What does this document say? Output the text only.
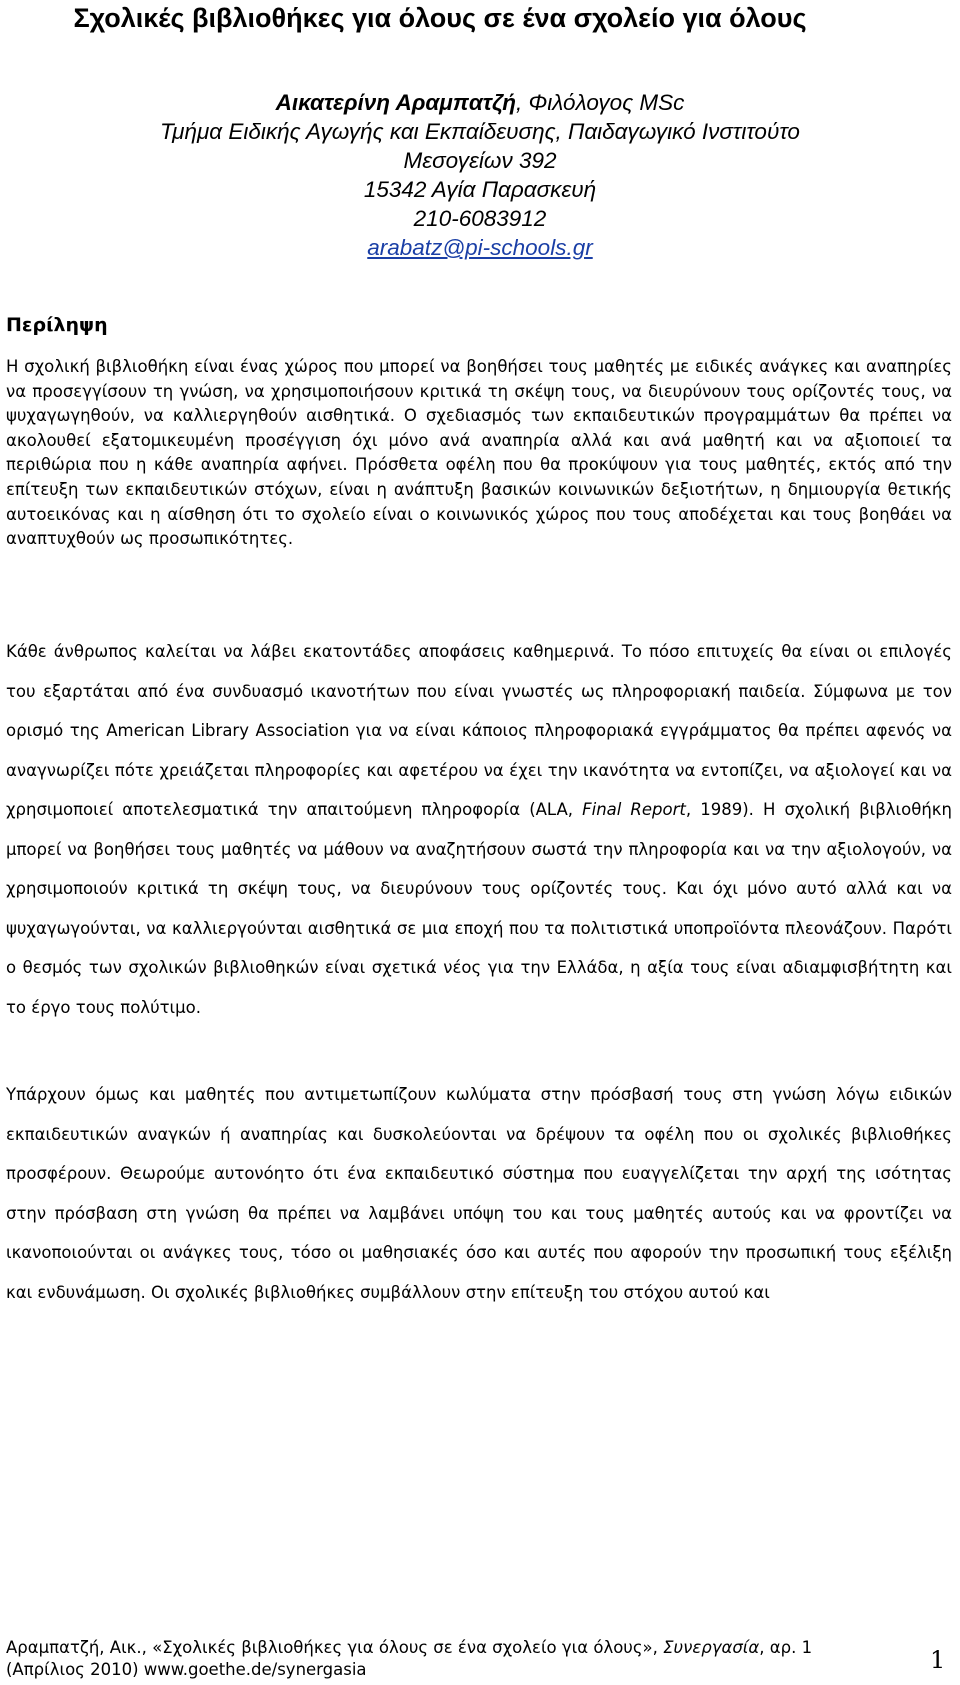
Σχολικές βιβλιοθήκες για όλους σε ένα σχολείο για όλους
Αικατερίνη Αραμπατζή, Φιλόλογος MSc
Τμήμα Ειδικής Αγωγής και Εκπαίδευσης, Παιδαγωγικό Ινστιτούτο
Μεσογείων 392
15342 Αγία Παρασκευή
210-6083912
arabatz@pi-schools.gr
Περίληψη

Η σχολική βιβλιοθήκη είναι ένας χώρος που μπορεί να βοηθήσει τους μαθητές με ειδικές ανάγκες και αναπηρίες να προσεγγίσουν τη γνώση, να χρησιμοποιήσουν κριτικά τη σκέψη τους, να διευρύνουν τους ορίζοντές τους, να ψυχαγωγηθούν, να καλλιεργηθούν αισθητικά. Ο σχεδιασμός των εκπαιδευτικών προγραμμάτων θα πρέπει να ακολουθεί εξατομικευμένη προσέγγιση όχι μόνο ανά αναπηρία αλλά και ανά μαθητή και να αξιοποιεί τα περιθώρια που η κάθε αναπηρία αφήνει. Πρόσθετα οφέλη που θα προκύψουν για τους μαθητές, εκτός από την επίτευξη των εκπαιδευτικών στόχων, είναι η ανάπτυξη βασικών κοινωνικών δεξιοτήτων, η δημιουργία θετικής αυτοεικόνας και η αίσθηση ότι το σχολείο είναι ο κοινωνικός χώρος που τους αποδέχεται και τους βοηθάει να αναπτυχθούν ως προσωπικότητες.

Κάθε άνθρωπος καλείται να λάβει εκατοντάδες αποφάσεις καθημερινά. Το πόσο επιτυχείς θα είναι οι επιλογές του εξαρτάται από ένα συνδυασμό ικανοτήτων που είναι γνωστές ως πληροφοριακή παιδεία. Σύμφωνα με τον ορισμό της American Library Association για να είναι κάποιος πληροφοριακά εγγράμματος θα πρέπει αφενός να αναγνωρίζει πότε χρειάζεται πληροφορίες και αφετέρου να έχει την ικανότητα να εντοπίζει, να αξιολογεί και να χρησιμοποιεί αποτελεσματικά την απαιτούμενη πληροφορία (ALA, Final Report, 1989). Η σχολική βιβλιοθήκη μπορεί να βοηθήσει τους μαθητές να μάθουν να αναζητήσουν σωστά την πληροφορία και να την αξιολογούν, να χρησιμοποιούν κριτικά τη σκέψη τους, να διευρύνουν τους ορίζοντές τους. Και όχι μόνο αυτό αλλά και να ψυχαγωγούνται, να καλλιεργούνται αισθητικά σε μια εποχή που τα πολιτιστικά υποπροϊόντα πλεονάζουν. Παρότι ο θεσμός των σχολικών βιβλιοθηκών είναι σχετικά νέος για την Ελλάδα, η αξία τους είναι αδιαμφισβήτητη και το έργο τους πολύτιμο.

Υπάρχουν όμως και μαθητές που αντιμετωπίζουν κωλύματα στην πρόσβασή τους στη γνώση λόγω ειδικών εκπαιδευτικών αναγκών ή αναπηρίας και δυσκολεύονται να δρέψουν τα οφέλη που οι σχολικές βιβλιοθήκες προσφέρουν. Θεωρούμε αυτονόητο ότι ένα εκπαιδευτικό σύστημα που ευαγγελίζεται την αρχή της ισότητας στην πρόσβαση στη γνώση θα πρέπει να λαμβάνει υπόψη του και τους μαθητές αυτούς και να φροντίζει να ικανοποιούνται οι ανάγκες τους, τόσο οι μαθησιακές όσο και αυτές που αφορούν την προσωπική τους εξέλιξη και ενδυνάμωση. Οι σχολικές βιβλιοθήκες συμβάλλουν στην επίτευξη του στόχου αυτού και

Αραμπατζή, Αικ., «Σχολικές βιβλιοθήκες για όλους σε ένα σχολείο για όλους», Συνεργασία, αρ. 1
(Απρίλιος 2010) www.goethe.de/synergasia	1
